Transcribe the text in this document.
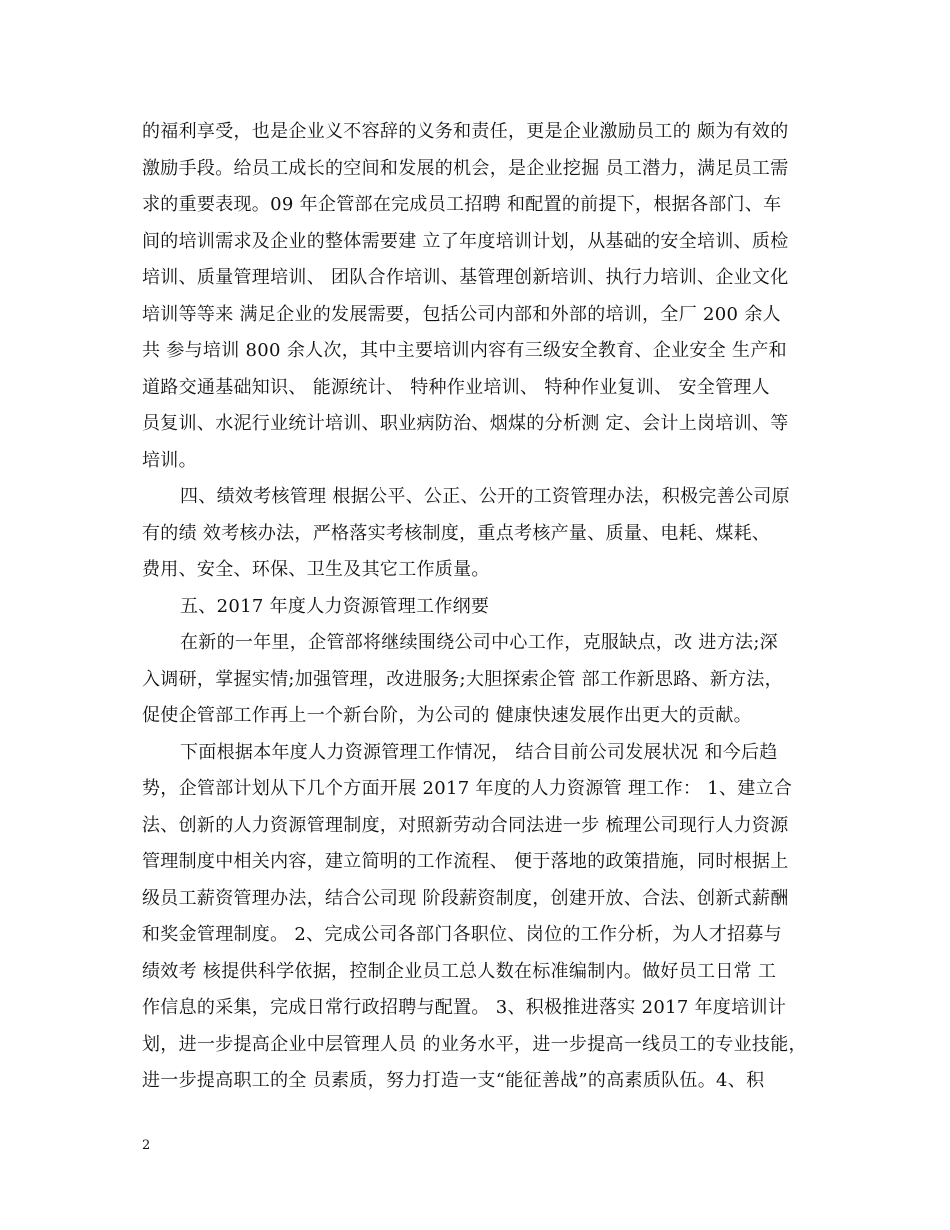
的福利享受，也是企业义不容辞的义务和责任，更是企业激励员工的 颇为有效的
激励手段。给员工成长的空间和发展的机会，是企业挖掘 员工潜力，满足员工需
求的重要表现。09 年企管部在完成员工招聘 和配置的前提下，根据各部门、车
间的培训需求及企业的整体需要建 立了年度培训计划，从基础的安全培训、质检
培训、质量管理培训、 团队合作培训、基管理创新培训、执行力培训、企业文化
培训等等来 满足企业的发展需要，包括公司内部和外部的培训，全厂 200 余人
共 参与培训 800 余人次，其中主要培训内容有三级安全教育、企业安全 生产和
道路交通基础知识、 能源统计、 特种作业培训、 特种作业复训、 安全管理人
员复训、水泥行业统计培训、职业病防治、烟煤的分析测 定、会计上岗培训、等
培训。
四、绩效考核管理 根据公平、公正、公开的工资管理办法，积极完善公司原
有的绩 效考核办法，严格落实考核制度，重点考核产量、质量、电耗、煤耗、
费用、安全、环保、卫生及其它工作质量。
五、2017 年度人力资源管理工作纲要
在新的一年里，企管部将继续围绕公司中心工作，克服缺点，改 进方法;深
入调研，掌握实情;加强管理，改进服务;大胆探索企管 部工作新思路、新方法，
促使企管部工作再上一个新台阶，为公司的 健康快速发展作出更大的贡献。
下面根据本年度人力资源管理工作情况， 结合目前公司发展状况 和今后趋
势，企管部计划从下几个方面开展 2017 年度的人力资源管 理工作： 1、建立合
法、创新的人力资源管理制度，对照新劳动合同法进一步 梳理公司现行人力资源
管理制度中相关内容，建立简明的工作流程、 便于落地的政策措施，同时根据上
级员工薪资管理办法，结合公司现 阶段薪资制度，创建开放、合法、创新式薪酬
和奖金管理制度。 2、完成公司各部门各职位、岗位的工作分析，为人才招募与
绩效考 核提供科学依据，控制企业员工总人数在标准编制内。做好员工日常 工
作信息的采集，完成日常行政招聘与配置。 3、积极推进落实 2017 年度培训计
划，进一步提高企业中层管理人员 的业务水平，进一步提高一线员工的专业技能，
进一步提高职工的全 员素质，努力打造一支“能征善战”的高素质队伍。4、积
2
